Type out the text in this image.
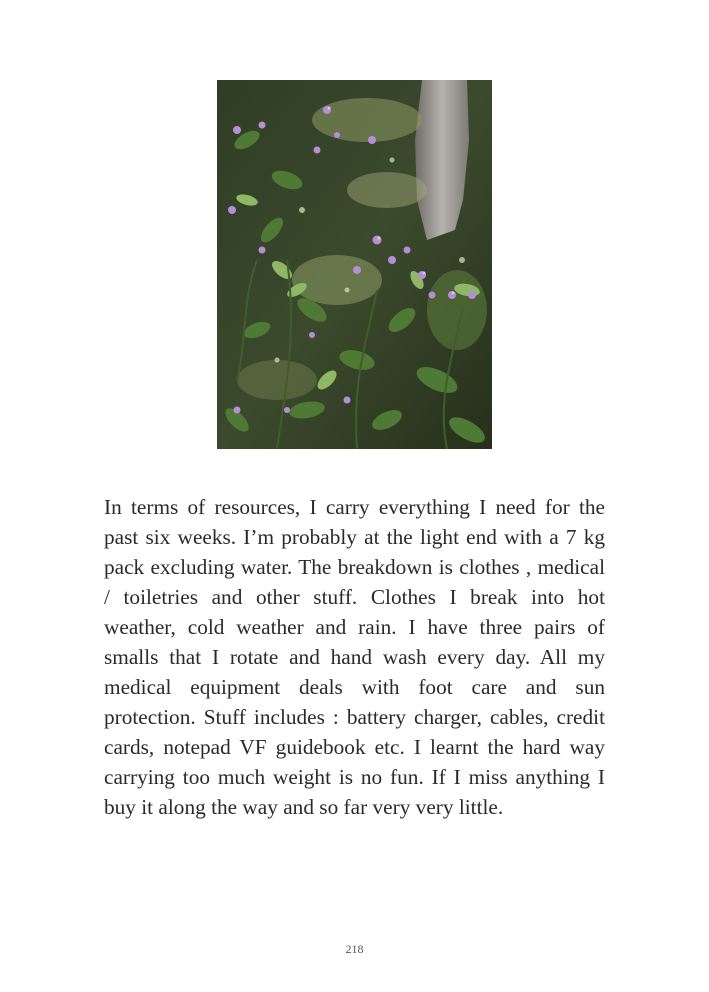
In terms of resources, I carry everything I need for the past six weeks. I’m probably at the light end with a 7 kg pack excluding water. The breakdown is clothes , medical / toiletries and other stuff. Clothes I break into hot weather, cold weather and rain. I have three pairs of smalls that I rotate and hand wash every day. All my medical equipment deals with foot care and sun protection. Stuff includes : battery charger, cables, credit cards, notepad VF guidebook etc. I learnt the hard way carrying too much weight is no fun. If I miss anything I buy it along the way and so far very very little.

218
